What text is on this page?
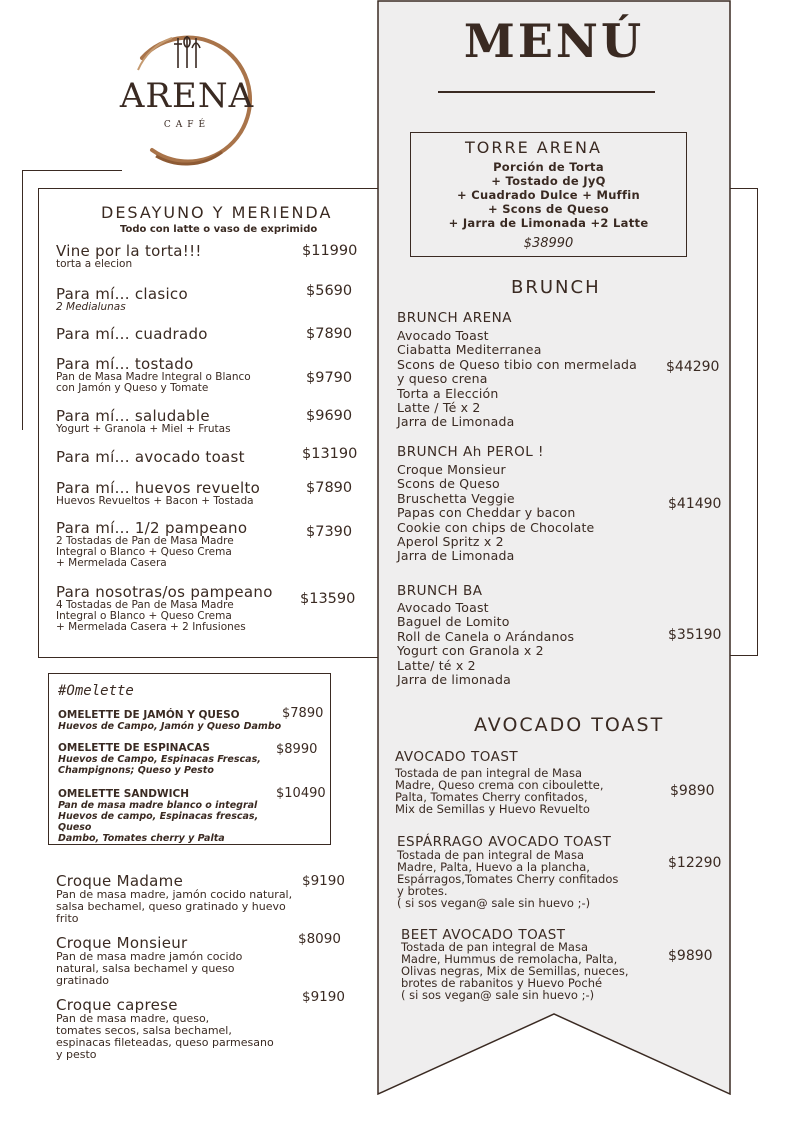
ARENA
CAFÉ
DESAYUNO Y MERIENDA
Todo con latte o vaso de exprimido
Vine por la torta!!!
torta a elecion
$11990
Para mí... clasico
2 Medialunas
$5690
Para mí... cuadrado	$7890
Para mí... tostado
Pan de Masa Madre Integral o Blanco
con Jamón y Queso y Tomate
$9790
Para mí... saludable
Yogurt + Granola + Miel + Frutas
$9690
Para mí... avocado toast	$13190
Para mí... huevos revuelto
Huevos Revueltos + Bacon + Tostada
$7890
Para mí... 1/2 pampeano
2 Tostadas de Pan de Masa Madre
Integral o Blanco + Queso Crema
+ Mermelada Casera
$7390
Para nosotras/os pampeano
4 Tostadas de Pan de Masa Madre
Integral o Blanco + Queso Crema
+ Mermelada Casera + 2 Infusiones
$13590
#Omelette
OMELETTE DE JAMÓN Y QUESO
Huevos de Campo, Jamón y Queso Dambo
$7890
OMELETTE DE ESPINACAS
Huevos de Campo, Espinacas Frescas,
Champignons; Queso y Pesto
$8990
OMELETTE SANDWICH
Pan de masa madre blanco o integral
Huevos de campo, Espinacas frescas, Queso
Dambo, Tomates cherry y Palta
$10490
Croque Madame
Pan de masa madre, jamón cocido natural,
salsa bechamel, queso gratinado y huevo
frito
$9190
Croque Monsieur
Pan de masa madre jamón cocido
natural, salsa bechamel y queso
gratinado
$8090
Croque caprese
Pan de masa madre, queso,
tomates secos, salsa bechamel,
espinacas fileteadas, queso parmesano
y pesto
$9190
MENÚ
TORRE ARENA
Porción de Torta
+ Tostado de JyQ
+ Cuadrado Dulce + Muffin
+ Scons de Queso
+ Jarra de Limonada +2 Latte
$38990
BRUNCH
BRUNCH ARENA
Avocado Toast
Ciabatta Mediterranea
Scons de Queso tibio con mermelada
y queso crena
Torta a Elección
Latte / Té x 2
Jarra de Limonada
$44290
BRUNCH Ah PEROL !
Croque Monsieur
Scons de Queso
Bruschetta Veggie
Papas con Cheddar y bacon
Cookie con chips de Chocolate
Aperol Spritz x 2
Jarra de Limonada
$41490
BRUNCH BA
Avocado Toast
Baguel de Lomito
Roll de Canela o Arándanos
Yogurt con Granola x 2
Latte/ té x 2
Jarra de limonada
$35190
AVOCADO TOAST
AVOCADO TOAST
Tostada de pan integral de Masa
Madre, Queso crema con ciboulette,
Palta, Tomates Cherry confitados,
Mix de Semillas y Huevo Revuelto
$9890
ESPÁRRAGO AVOCADO TOAST
Tostada de pan integral de Masa
Madre, Palta, Huevo a la plancha,
Espárragos,Tomates Cherry confitados
y brotes.
( si sos vegan@ sale sin huevo ;-)
$12290
BEET AVOCADO TOAST
Tostada de pan integral de Masa
Madre, Hummus de remolacha, Palta,
Olivas negras, Mix de Semillas, nueces,
brotes de rabanitos y Huevo Poché
( si sos vegan@ sale sin huevo ;-)
$9890
